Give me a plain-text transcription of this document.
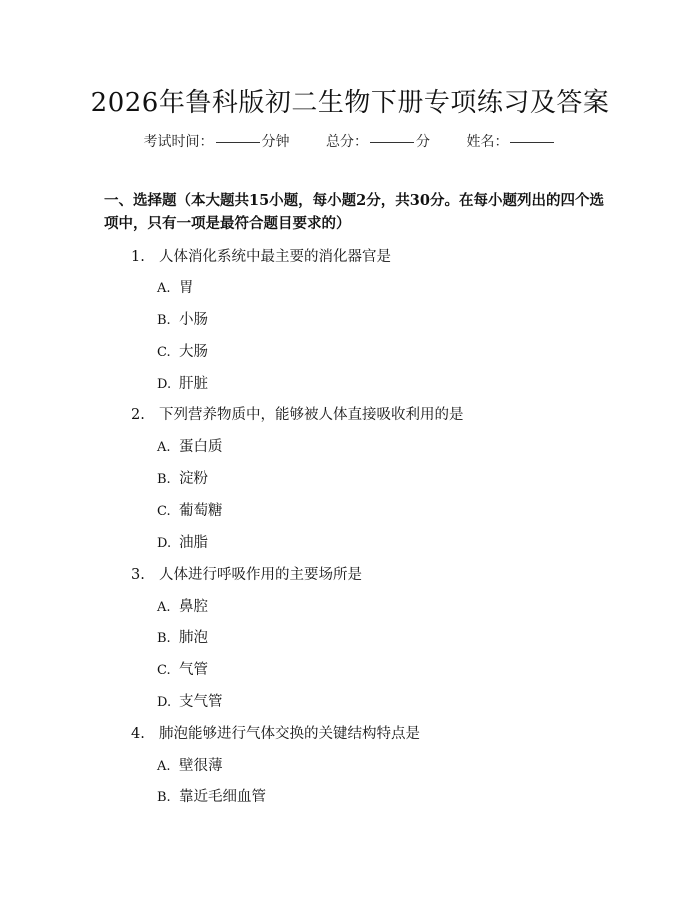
2026年鲁科版初二生物下册专项练习及答案
考试时间：	分钟	总分：	分	姓名：
一、选择题（本大题共15小题，每小题2分，共30分。在每小题列出的四个选项中，只有一项是最符合题目要求的）
1. 人体消化系统中最主要的消化器官是
A. 胃
B. 小肠
C. 大肠
D. 肝脏
2. 下列营养物质中，能够被人体直接吸收利用的是
A. 蛋白质
B. 淀粉
C. 葡萄糖
D. 油脂
3. 人体进行呼吸作用的主要场所是
A. 鼻腔
B. 肺泡
C. 气管
D. 支气管
4. 肺泡能够进行气体交换的关键结构特点是
A. 壁很薄
B. 靠近毛细血管
